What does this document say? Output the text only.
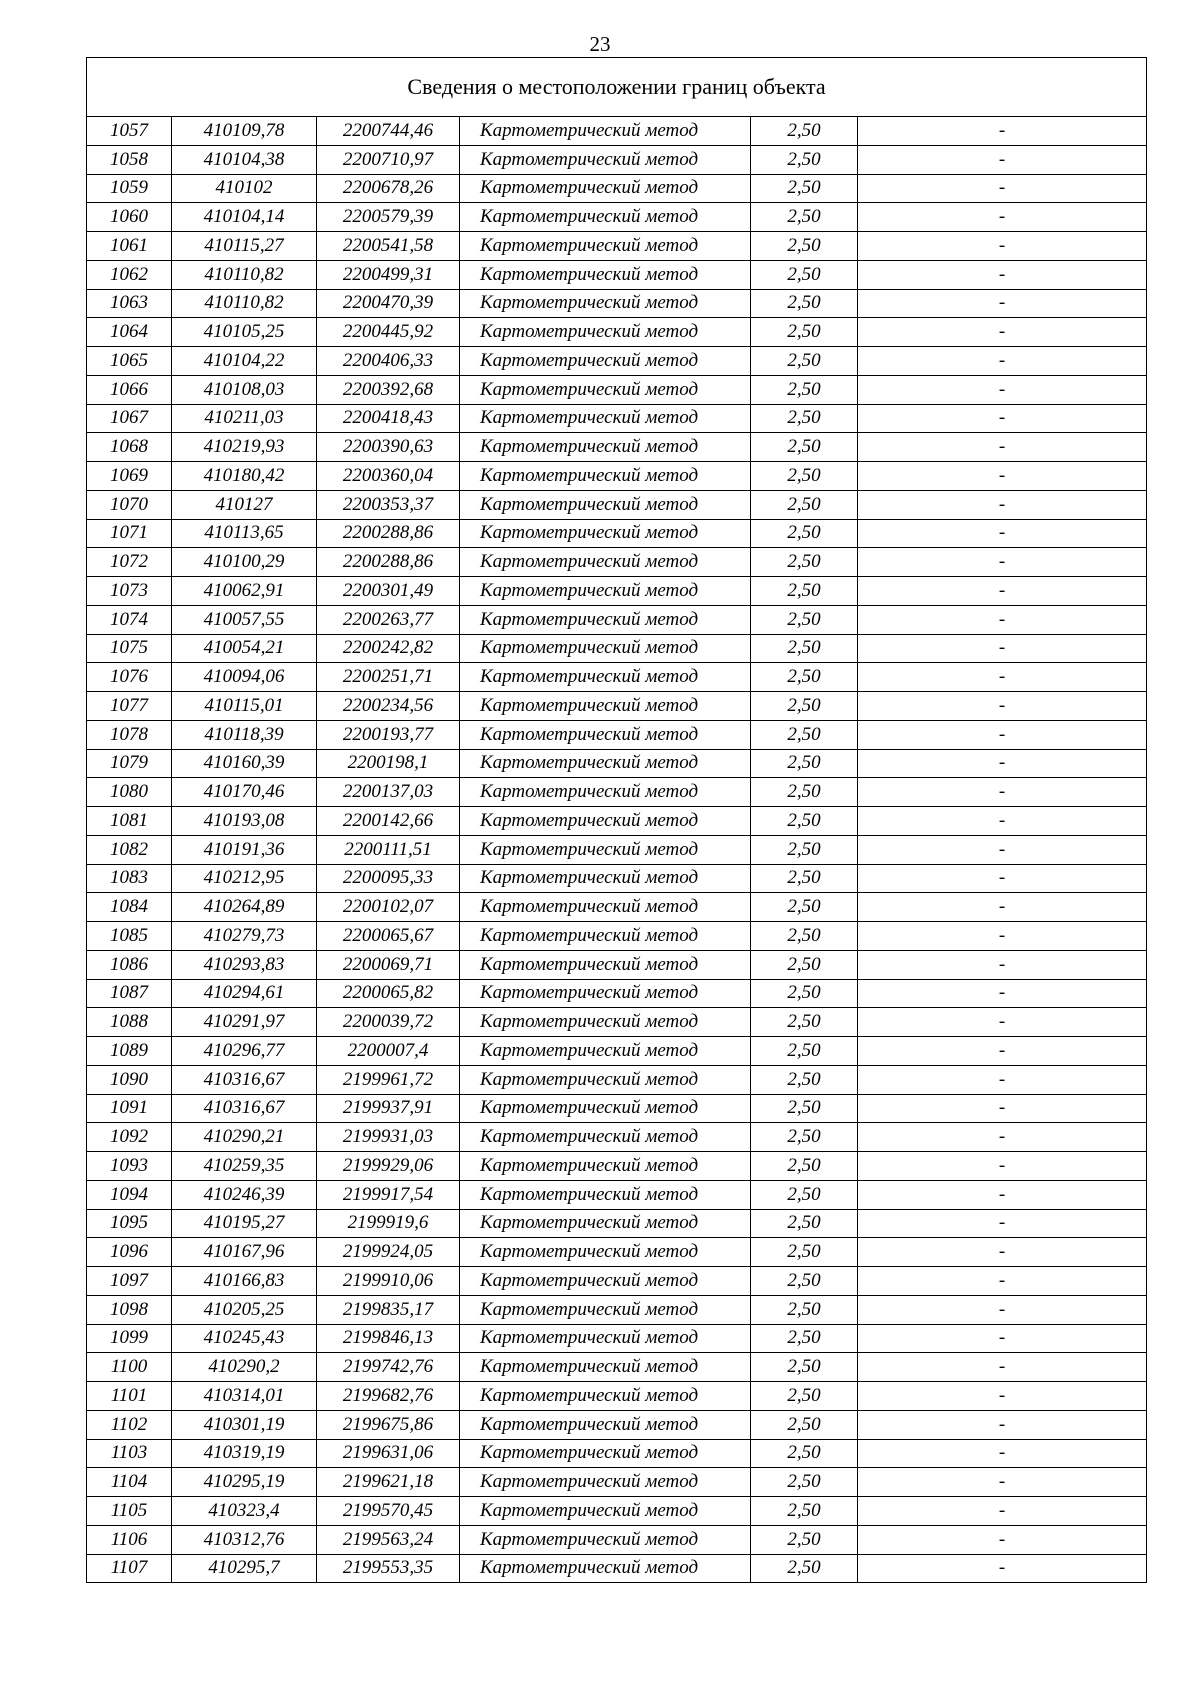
23
Сведения о местоположении границ объекта					
1057	410109,78	2200744,46	Картометрический метод	2,50	-
1058	410104,38	2200710,97	Картометрический метод	2,50	-
1059	410102	2200678,26	Картометрический метод	2,50	-
1060	410104,14	2200579,39	Картометрический метод	2,50	-
1061	410115,27	2200541,58	Картометрический метод	2,50	-
1062	410110,82	2200499,31	Картометрический метод	2,50	-
1063	410110,82	2200470,39	Картометрический метод	2,50	-
1064	410105,25	2200445,92	Картометрический метод	2,50	-
1065	410104,22	2200406,33	Картометрический метод	2,50	-
1066	410108,03	2200392,68	Картометрический метод	2,50	-
1067	410211,03	2200418,43	Картометрический метод	2,50	-
1068	410219,93	2200390,63	Картометрический метод	2,50	-
1069	410180,42	2200360,04	Картометрический метод	2,50	-
1070	410127	2200353,37	Картометрический метод	2,50	-
1071	410113,65	2200288,86	Картометрический метод	2,50	-
1072	410100,29	2200288,86	Картометрический метод	2,50	-
1073	410062,91	2200301,49	Картометрический метод	2,50	-
1074	410057,55	2200263,77	Картометрический метод	2,50	-
1075	410054,21	2200242,82	Картометрический метод	2,50	-
1076	410094,06	2200251,71	Картометрический метод	2,50	-
1077	410115,01	2200234,56	Картометрический метод	2,50	-
1078	410118,39	2200193,77	Картометрический метод	2,50	-
1079	410160,39	2200198,1	Картометрический метод	2,50	-
1080	410170,46	2200137,03	Картометрический метод	2,50	-
1081	410193,08	2200142,66	Картометрический метод	2,50	-
1082	410191,36	2200111,51	Картометрический метод	2,50	-
1083	410212,95	2200095,33	Картометрический метод	2,50	-
1084	410264,89	2200102,07	Картометрический метод	2,50	-
1085	410279,73	2200065,67	Картометрический метод	2,50	-
1086	410293,83	2200069,71	Картометрический метод	2,50	-
1087	410294,61	2200065,82	Картометрический метод	2,50	-
1088	410291,97	2200039,72	Картометрический метод	2,50	-
1089	410296,77	2200007,4	Картометрический метод	2,50	-
1090	410316,67	2199961,72	Картометрический метод	2,50	-
1091	410316,67	2199937,91	Картометрический метод	2,50	-
1092	410290,21	2199931,03	Картометрический метод	2,50	-
1093	410259,35	2199929,06	Картометрический метод	2,50	-
1094	410246,39	2199917,54	Картометрический метод	2,50	-
1095	410195,27	2199919,6	Картометрический метод	2,50	-
1096	410167,96	2199924,05	Картометрический метод	2,50	-
1097	410166,83	2199910,06	Картометрический метод	2,50	-
1098	410205,25	2199835,17	Картометрический метод	2,50	-
1099	410245,43	2199846,13	Картометрический метод	2,50	-
1100	410290,2	2199742,76	Картометрический метод	2,50	-
1101	410314,01	2199682,76	Картометрический метод	2,50	-
1102	410301,19	2199675,86	Картометрический метод	2,50	-
1103	410319,19	2199631,06	Картометрический метод	2,50	-
1104	410295,19	2199621,18	Картометрический метод	2,50	-
1105	410323,4	2199570,45	Картометрический метод	2,50	-
1106	410312,76	2199563,24	Картометрический метод	2,50	-
1107	410295,7	2199553,35	Картометрический метод	2,50	-
